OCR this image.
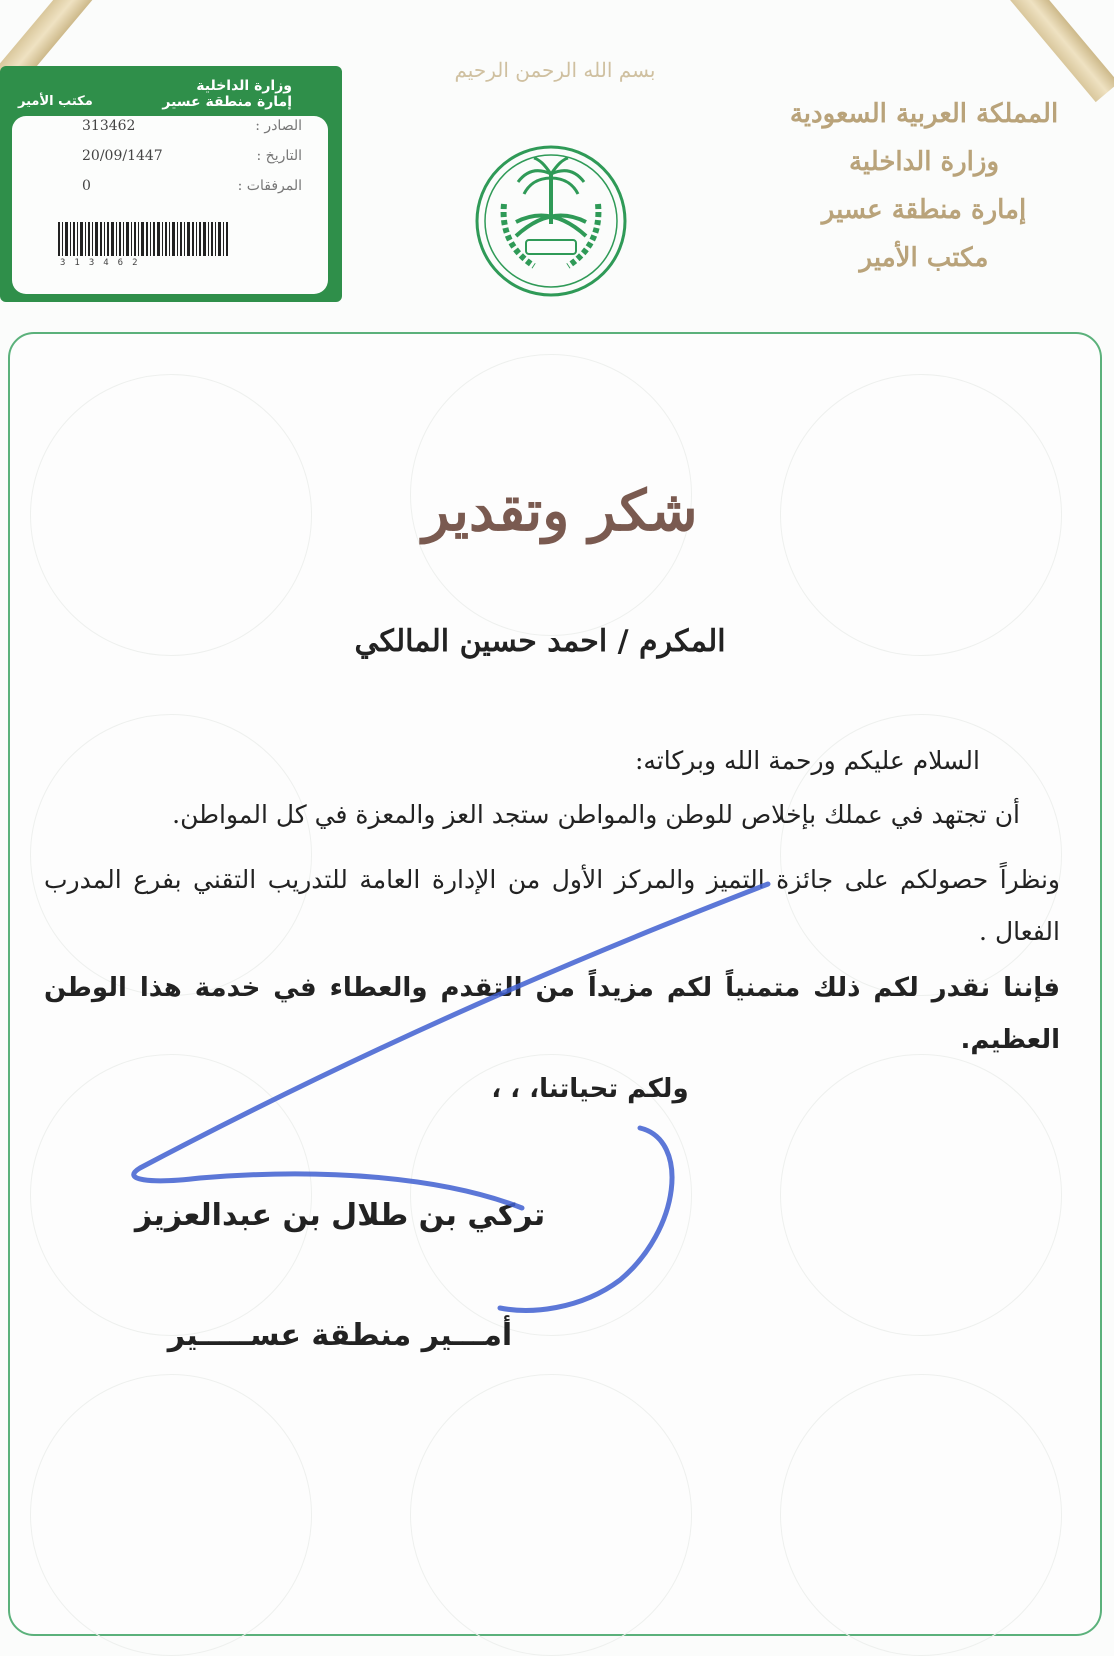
وزارة الداخلية
إمارة منطقة عسير
مكتب الأمير
الصادر :
313462
التاريخ :
20/09/1447
المرفقات :
0
313462
بسم الله الرحمن الرحيم
المملكة العربية السعودية
وزارة الداخلية
إمارة منطقة عسير
مكتب الأمير
شكر وتقدير
المكرم / احمد حسين المالكي
السلام عليكم ورحمة الله وبركاته:
أن تجتهد في عملك بإخلاص للوطن والمواطن ستجد العز والمعزة في كل المواطن.
ونظراً حصولكم على جائزة التميز والمركز الأول من الإدارة العامة للتدريب التقني بفرع المدرب الفعال .
فإننا نقدر لكم ذلك متمنياً لكم مزيداً من التقدم والعطاء في خدمة هذا الوطن العظيم.
ولكم تحياتنا، ، ،
تركي بن طلال بن عبدالعزيز
أمـــير منطقة عســـــير
